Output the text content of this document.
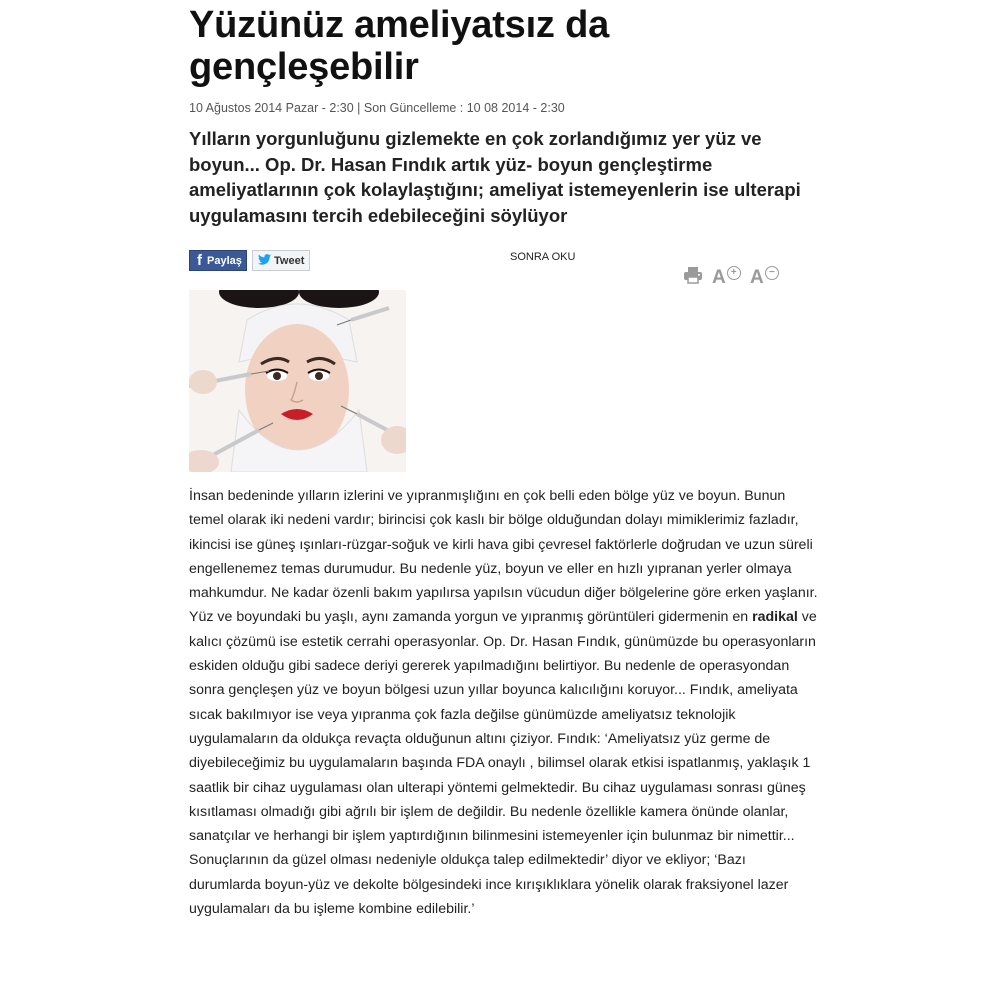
Yüzünüz ameliyatsız da gençleşebilir
10 Ağustos 2014 Pazar - 2:30 | Son Güncelleme : 10 08 2014 - 2:30

Yılların yorgunluğunu gizlemekte en çok zorlandığımız yer yüz ve boyun... Op. Dr. Hasan Fındık artık yüz- boyun gençleştirme ameliyatlarının çok kolaylaştığını; ameliyat istemeyenlerin ise ulterapi uygulamasını tercih edebileceğini söylüyor

f Paylaş	Tweet	SONRA OKU
A + A −

İnsan bedeninde yılların izlerini ve yıpranmışlığını en çok belli eden bölge yüz ve boyun. Bunun temel olarak iki nedeni vardır; birincisi çok kaslı bir bölge olduğundan dolayı mimiklerimiz fazladır, ikincisi ise güneş ışınları-rüzgar-soğuk ve kirli hava gibi çevresel faktörlerle doğrudan ve uzun süreli engellenemez temas durumudur. Bu nedenle yüz, boyun ve eller en hızlı yıpranan yerler olmaya mahkumdur. Ne kadar özenli bakım yapılırsa yapılsın vücudun diğer bölgelerine göre erken yaşlanır. Yüz ve boyundaki bu yaşlı, aynı zamanda yorgun ve yıpranmış görüntüleri gidermenin en radikal ve kalıcı çözümü ise estetik cerrahi operasyonlar. Op. Dr. Hasan Fındık, günümüzde bu operasyonların eskiden olduğu gibi sadece deriyi gererek yapılmadığını belirtiyor. Bu nedenle de operasyondan sonra gençleşen yüz ve boyun bölgesi uzun yıllar boyunca kalıcılığını koruyor... Fındık, ameliyata sıcak bakılmıyor ise veya yıpranma çok fazla değilse günümüzde ameliyatsız teknolojik uygulamaların da oldukça revaçta olduğunun altını çiziyor. Fındık: ‘Ameliyatsız yüz germe de diyebileceğimiz bu uygulamaların başında FDA onaylı , bilimsel olarak etkisi ispatlanmış, yaklaşık 1 saatlik bir cihaz uygulaması olan ulterapi yöntemi gelmektedir. Bu cihaz uygulaması sonrası güneş kısıtlaması olmadığı gibi ağrılı bir işlem de değildir. Bu nedenle özellikle kamera önünde olanlar, sanatçılar ve herhangi bir işlem yaptırdığının bilinmesini istemeyenler için bulunmaz bir nimettir... Sonuçlarının da güzel olması nedeniyle oldukça talep edilmektedir’ diyor ve ekliyor; ‘Bazı durumlarda boyun-yüz ve dekolte bölgesindeki ince kırışıklıklara yönelik olarak fraksiyonel lazer uygulamaları da bu işleme kombine edilebilir.’
